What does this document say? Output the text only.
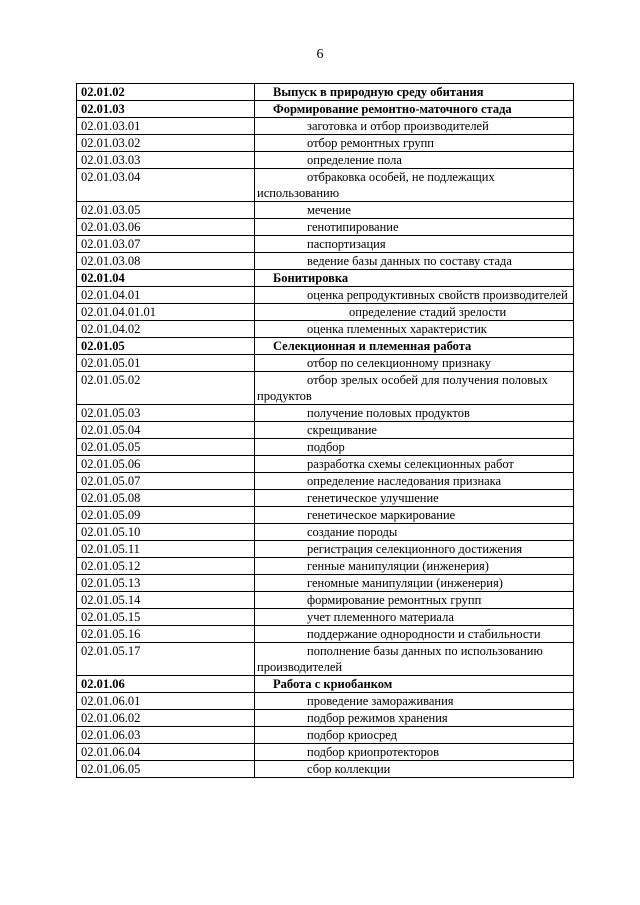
6
02.01.02	Выпуск в природную среду обитания

02.01.03	Формирование ремонтно-маточного стада

02.01.03.01	заготовка и отбор производителей

02.01.03.02	отбор ремонтных групп

02.01.03.03	определение пола

02.01.03.04	отбраковка особей, не подлежащих использованию

02.01.03.05	мечение

02.01.03.06	генотипирование

02.01.03.07	паспортизация

02.01.03.08	ведение базы данных по составу стада

02.01.04	Бонитировка

02.01.04.01	оценка репродуктивных свойств производителей

02.01.04.01.01	определение стадий зрелости

02.01.04.02	оценка племенных характеристик

02.01.05	Селекционная и племенная работа

02.01.05.01	отбор по селекционному признаку

02.01.05.02	отбор зрелых особей для получения половых продуктов

02.01.05.03	получение половых продуктов

02.01.05.04	скрещивание

02.01.05.05	подбор

02.01.05.06	разработка схемы селекционных работ

02.01.05.07	определение наследования признака

02.01.05.08	генетическое улучшение

02.01.05.09	генетическое маркирование

02.01.05.10	создание породы

02.01.05.11	регистрация селекционного достижения

02.01.05.12	генные манипуляции (инженерия)

02.01.05.13	геномные манипуляции (инженерия)

02.01.05.14	формирование ремонтных групп

02.01.05.15	учет племенного материала

02.01.05.16	поддержание однородности и стабильности

02.01.05.17	пополнение базы данных по использованию производителей

02.01.06	Работа с криобанком

02.01.06.01	проведение замораживания

02.01.06.02	подбор режимов хранения

02.01.06.03	подбор криосред

02.01.06.04	подбор криопротекторов

02.01.06.05	сбор коллекции
